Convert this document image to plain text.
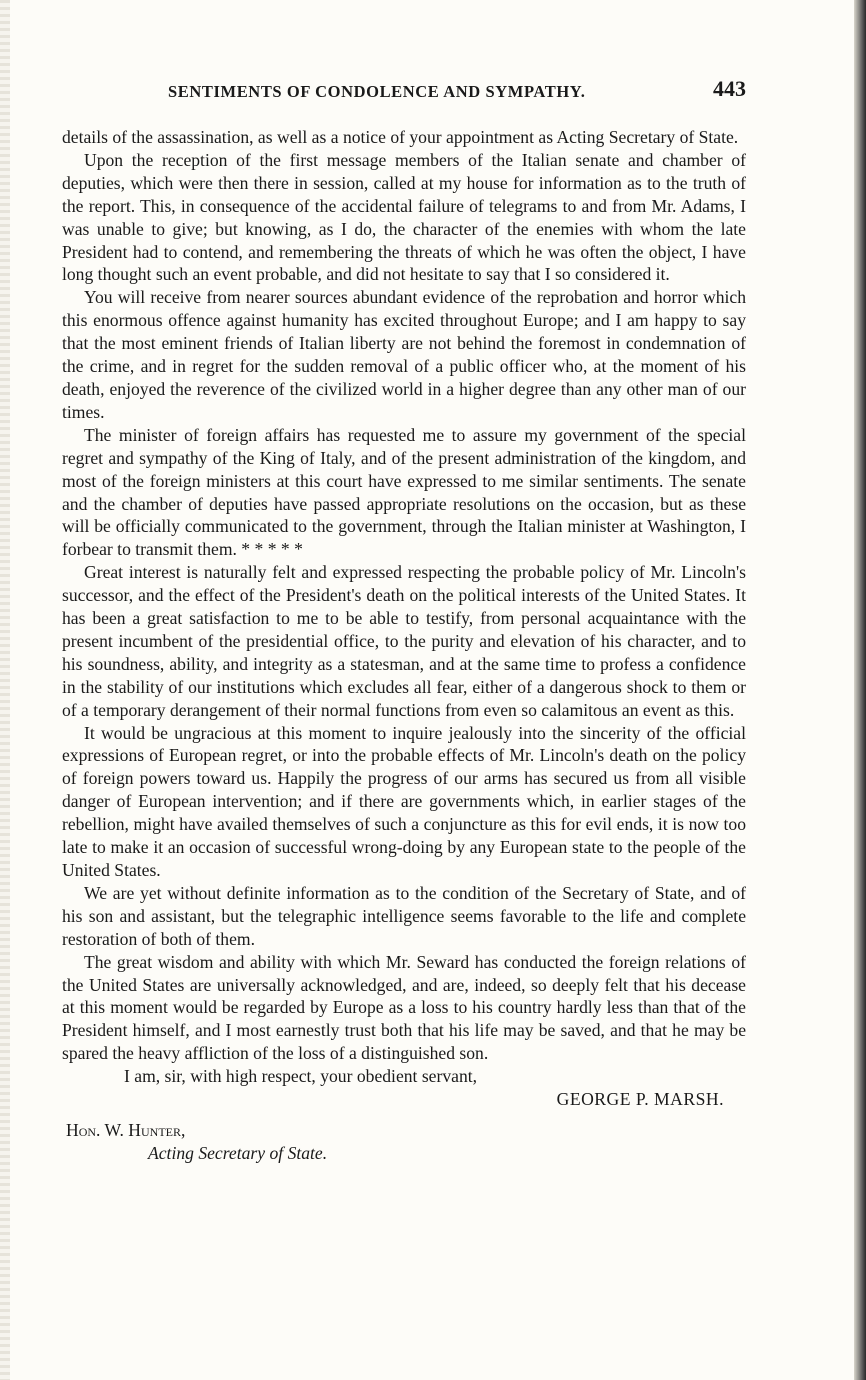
SENTIMENTS OF CONDOLENCE AND SYMPATHY.	443

details of the assassination, as well as a notice of your appointment as Acting Secretary of State.

Upon the reception of the first message members of the Italian senate and chamber of deputies, which were then there in session, called at my house for information as to the truth of the report. This, in consequence of the accidental failure of telegrams to and from Mr. Adams, I was unable to give; but knowing, as I do, the character of the enemies with whom the late President had to contend, and remembering the threats of which he was often the object, I have long thought such an event probable, and did not hesitate to say that I so considered it.

You will receive from nearer sources abundant evidence of the reprobation and horror which this enormous offence against humanity has excited throughout Europe; and I am happy to say that the most eminent friends of Italian liberty are not behind the foremost in condemnation of the crime, and in regret for the sudden removal of a public officer who, at the moment of his death, enjoyed the reverence of the civilized world in a higher degree than any other man of our times.

The minister of foreign affairs has requested me to assure my government of the special regret and sympathy of the King of Italy, and of the present administration of the kingdom, and most of the foreign ministers at this court have expressed to me similar sentiments. The senate and the chamber of deputies have passed appropriate resolutions on the occasion, but as these will be officially communicated to the government, through the Italian minister at Washington, I forbear to transmit them. * * * * *

Great interest is naturally felt and expressed respecting the probable policy of Mr. Lincoln's successor, and the effect of the President's death on the political interests of the United States. It has been a great satisfaction to me to be able to testify, from personal acquaintance with the present incumbent of the presidential office, to the purity and elevation of his character, and to his soundness, ability, and integrity as a statesman, and at the same time to profess a confidence in the stability of our institutions which excludes all fear, either of a dangerous shock to them or of a temporary derangement of their normal functions from even so calamitous an event as this.

It would be ungracious at this moment to inquire jealously into the sincerity of the official expressions of European regret, or into the probable effects of Mr. Lincoln's death on the policy of foreign powers toward us. Happily the progress of our arms has secured us from all visible danger of European intervention; and if there are governments which, in earlier stages of the rebellion, might have availed themselves of such a conjuncture as this for evil ends, it is now too late to make it an occasion of successful wrong-doing by any European state to the people of the United States.

We are yet without definite information as to the condition of the Secretary of State, and of his son and assistant, but the telegraphic intelligence seems favorable to the life and complete restoration of both of them.

The great wisdom and ability with which Mr. Seward has conducted the foreign relations of the United States are universally acknowledged, and are, indeed, so deeply felt that his decease at this moment would be regarded by Europe as a loss to his country hardly less than that of the President himself, and I most earnestly trust both that his life may be saved, and that he may be spared the heavy affliction of the loss of a distinguished son.

I am, sir, with high respect, your obedient servant,
GEORGE P. MARSH.
Hon. W. Hunter,
Acting Secretary of State.
